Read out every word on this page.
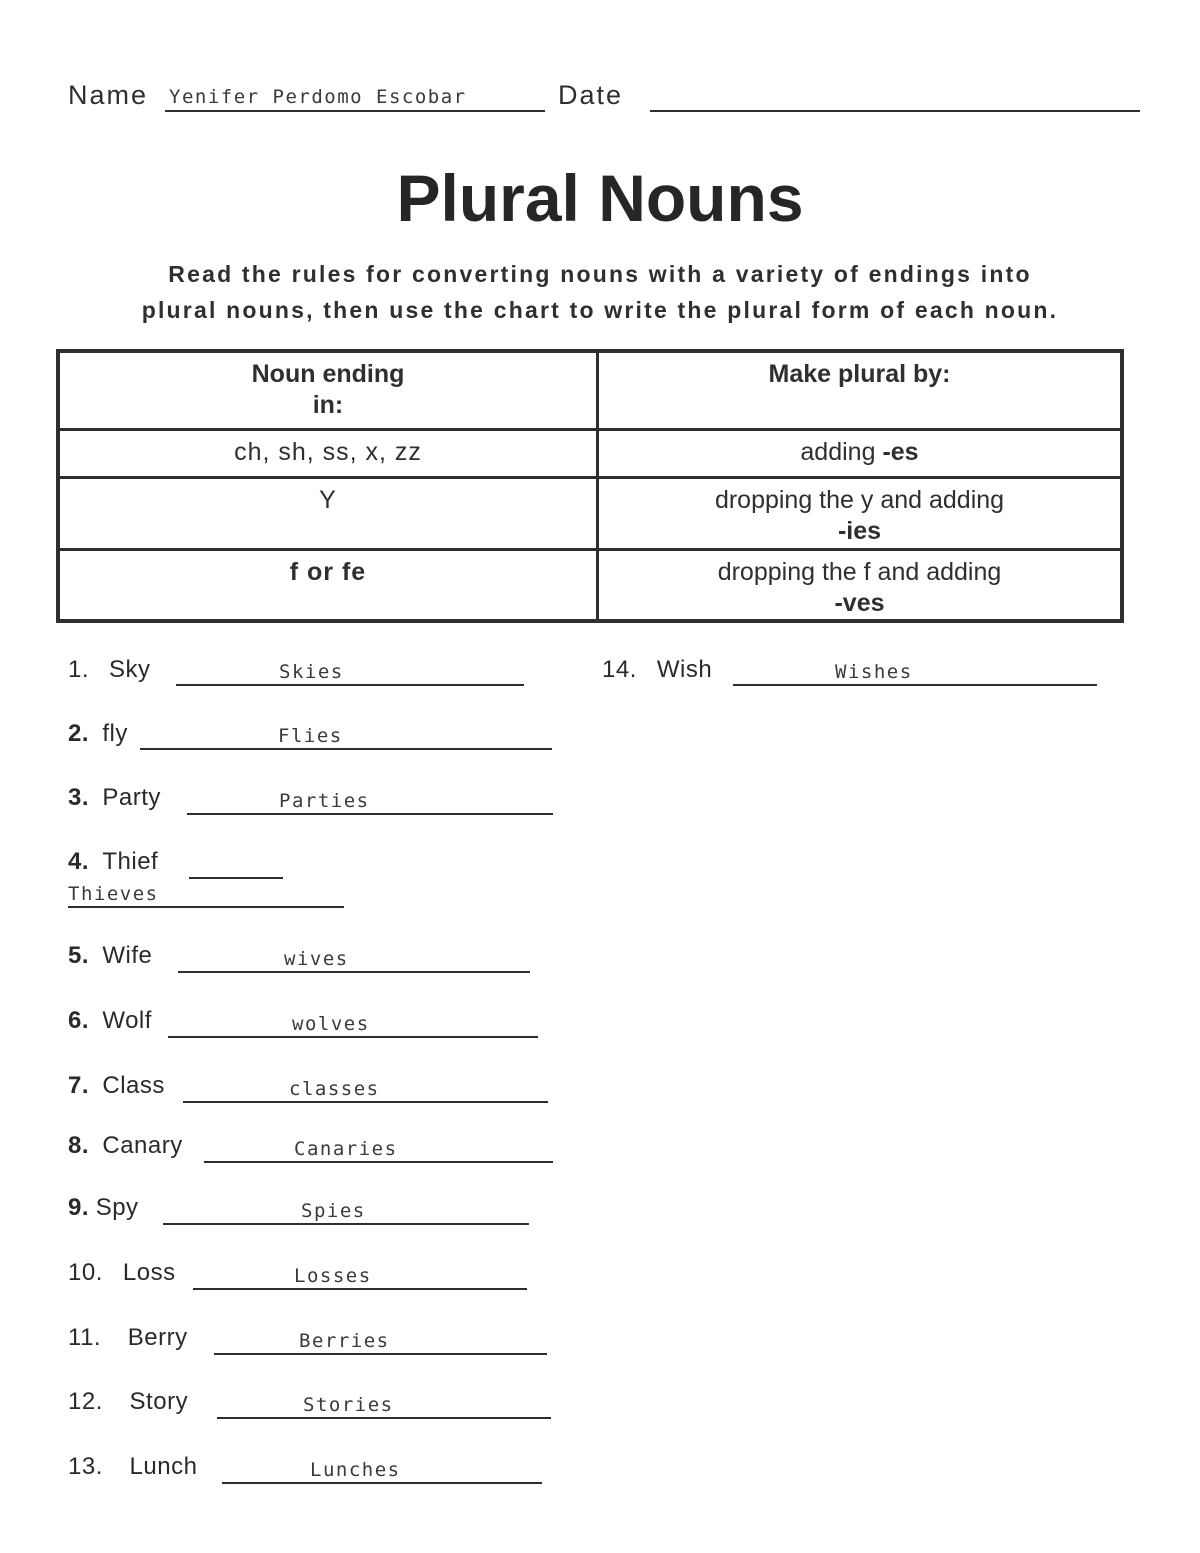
Name Yenifer Perdomo Escobar	Date
Plural Nouns
Read the rules for converting nouns with a variety of endings into
plural nouns, then use the chart to write the plural form of each noun.
Noun ending
in:	Make plural by:
ch, sh, ss, x, zz	adding -es
Y	dropping the y and adding
-ies

f or fe	dropping the f and adding
-ves
1. Sky	Skies
2. fly	Flies
3. Party	Parties
4. Thief
Thieves
5. Wife	wives
6. Wolf	wolves
7. Class	classes
8. Canary	Canaries
9. Spy	Spies
10. Loss	Losses
11. Berry	Berries
12. Story	Stories
13. Lunch	Lunches
14. Wish	Wishes
